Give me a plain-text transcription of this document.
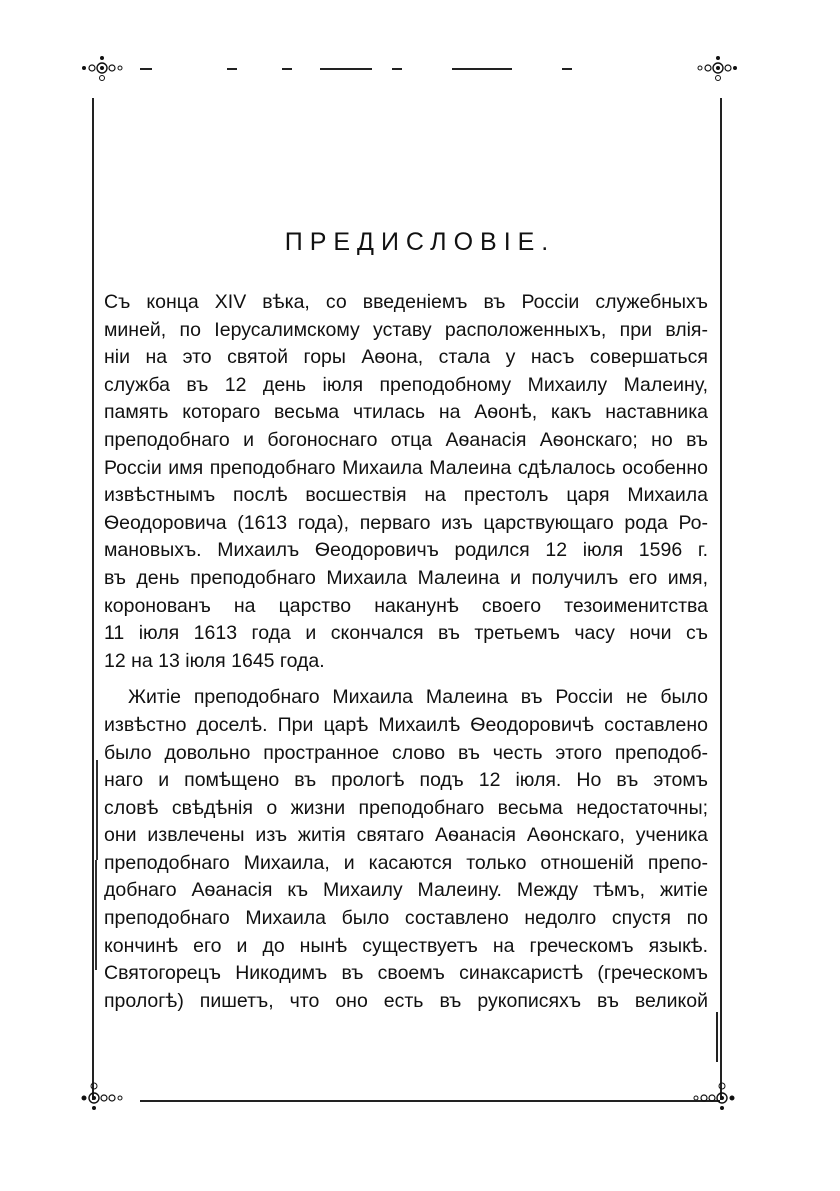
ПРЕДИСЛОВІЕ.
Съ конца XIV вѣка, со введеніемъ въ Россіи служебныхъ
миней, по Іерусалимскому уставу расположенныхъ, при влія-
ніи на это святой горы Аѳона, стала у насъ совершаться
служба въ 12 день іюля преподобному Михаилу Малеину,
память котораго весьма чтилась на Аѳонѣ, какъ наставника
преподобнаго и богоноснаго отца Аѳанасія Аѳонскаго; но въ
Россіи имя преподобнаго Михаила Малеина сдѣлалось особенно
извѣстнымъ послѣ восшествія на престолъ царя Михаила
Ѳеодоровича (1613 года), перваго изъ царствующаго рода Ро-
мановыхъ. Михаилъ Ѳеодоровичъ родился 12 іюля 1596 г.
въ день преподобнаго Михаила Малеина и получилъ его имя,
коронованъ на царство наканунѣ своего тезоименитства
11 іюля 1613 года и скончался въ третьемъ часу ночи съ
12 на 13 іюля 1645 года.
Житіе преподобнаго Михаила Малеина въ Россіи не было
извѣстно доселѣ. При царѣ Михаилѣ Ѳеодоровичѣ составлено
было довольно пространное слово въ честь этого преподоб-
наго и помѣщено въ прологѣ подъ 12 іюля. Но въ этомъ
словѣ свѣдѣнія о жизни преподобнаго весьма недостаточны;
они извлечены изъ житія святаго Аѳанасія Аѳонскаго, ученика
преподобнаго Михаила, и касаются только отношеній препо-
добнаго Аѳанасія къ Михаилу Малеину. Между тѣмъ, житіе
преподобнаго Михаила было составлено недолго спустя по
кончинѣ его и до нынѣ существуетъ на греческомъ языкѣ.
Святогорецъ Никодимъ въ своемъ синаксаристѣ (греческомъ
прологѣ) пишетъ, что оно есть въ рукописяхъ въ великой
